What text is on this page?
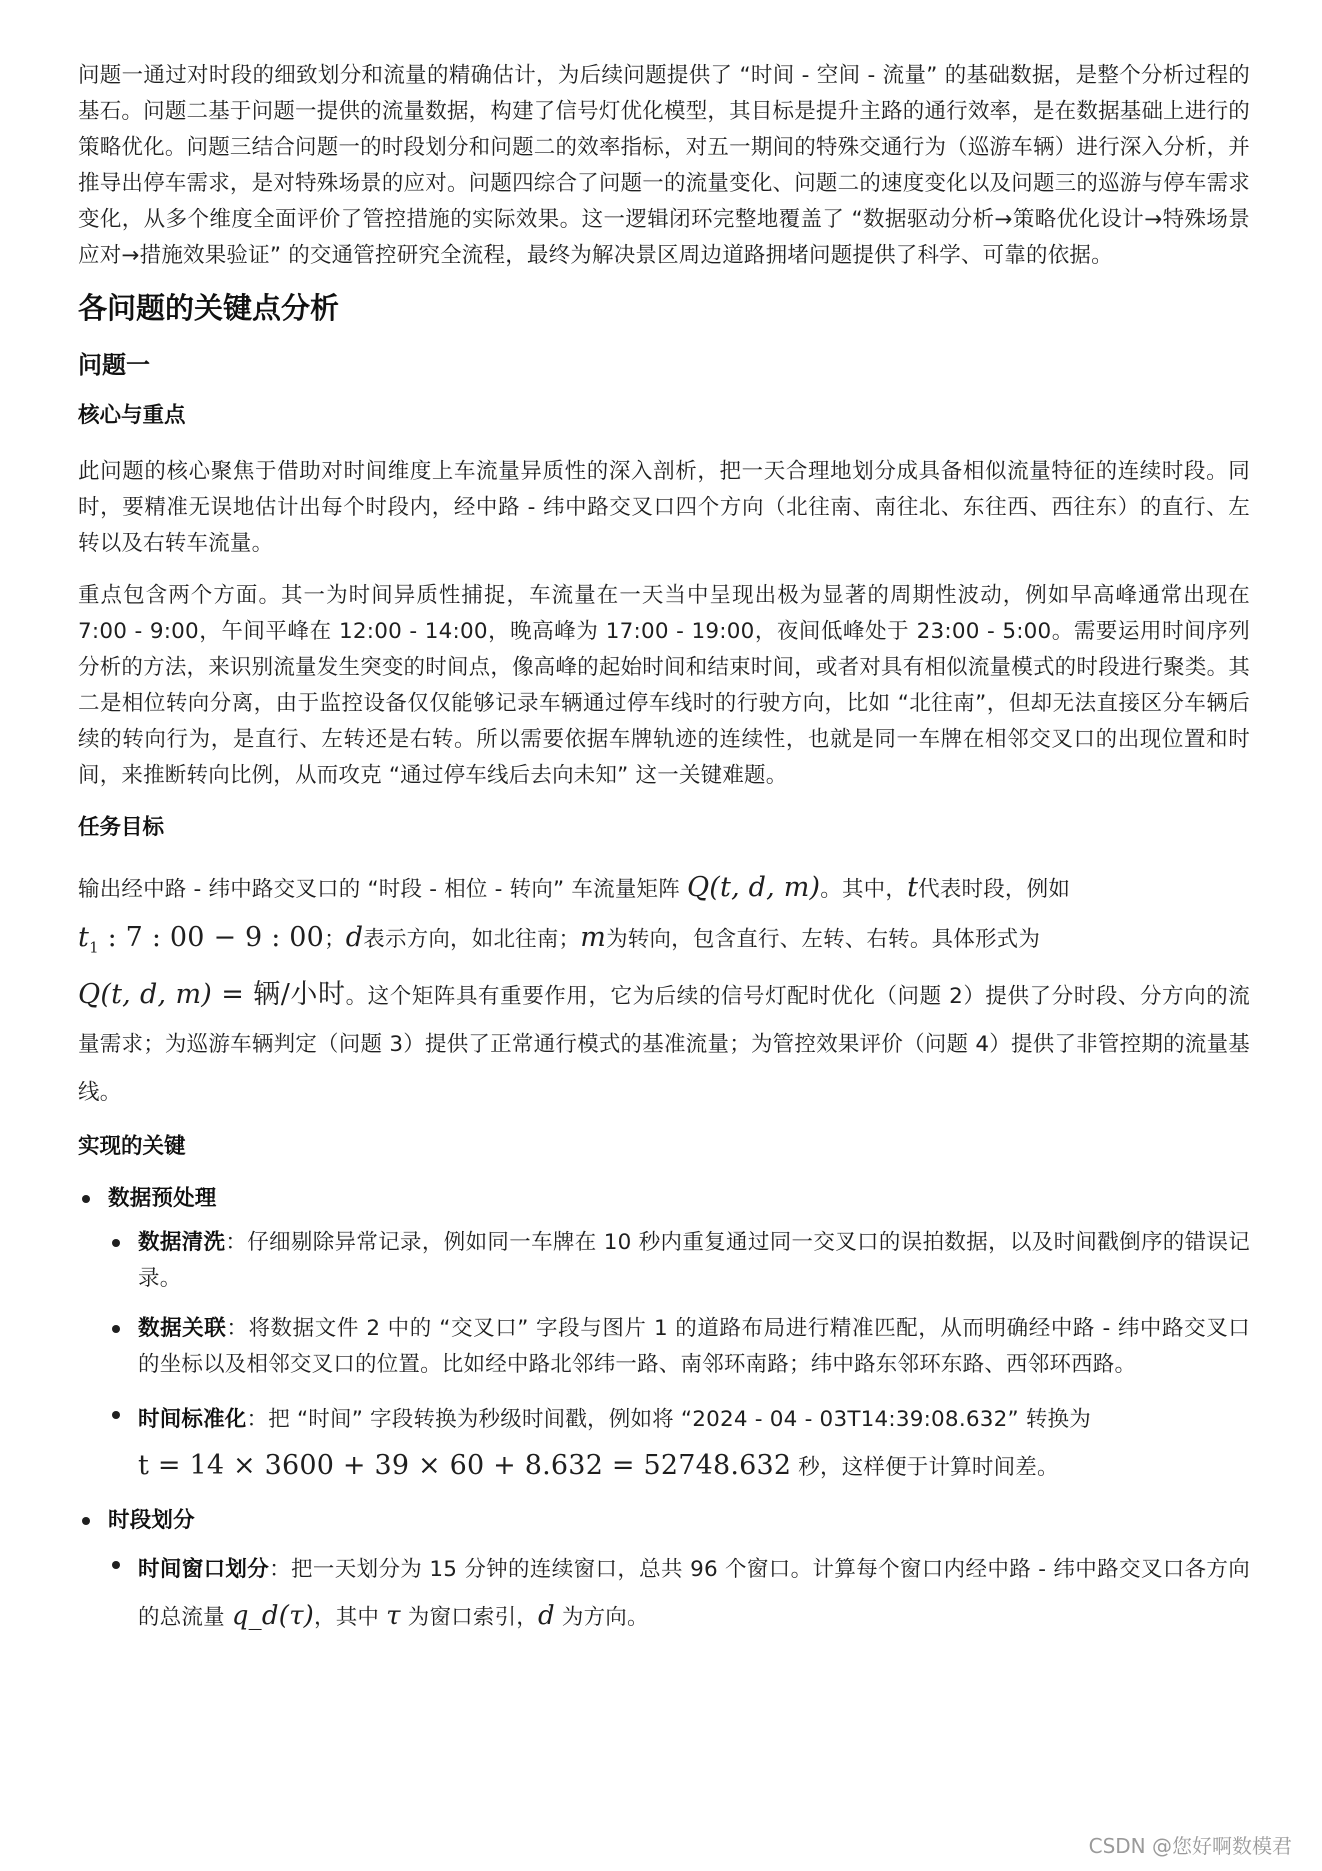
问题一通过对时段的细致划分和流量的精确估计，为后续问题提供了 “时间 - 空间 - 流量” 的基础数据，是整个分析过程的基石。问题二基于问题一提供的流量数据，构建了信号灯优化模型，其目标是提升主路的通行效率，是在数据基础上进行的策略优化。问题三结合问题一的时段划分和问题二的效率指标，对五一期间的特殊交通行为（巡游车辆）进行深入分析，并推导出停车需求，是对特殊场景的应对。问题四综合了问题一的流量变化、问题二的速度变化以及问题三的巡游与停车需求变化，从多个维度全面评价了管控措施的实际效果。这一逻辑闭环完整地覆盖了 “数据驱动分析→策略优化设计→特殊场景应对→措施效果验证” 的交通管控研究全流程，最终为解决景区周边道路拥堵问题提供了科学、可靠的依据。

各问题的关键点分析
问题一
核心与重点

此问题的核心聚焦于借助对时间维度上车流量异质性的深入剖析，把一天合理地划分成具备相似流量特征的连续时段。同时，要精准无误地估计出每个时段内，经中路 - 纬中路交叉口四个方向（北往南、南往北、东往西、西往东）的直行、左转以及右转车流量。

重点包含两个方面。其一为时间异质性捕捉，车流量在一天当中呈现出极为显著的周期性波动，例如早高峰通常出现在 7:00 - 9:00，午间平峰在 12:00 - 14:00，晚高峰为 17:00 - 19:00，夜间低峰处于 23:00 - 5:00。需要运用时间序列分析的方法，来识别流量发生突变的时间点，像高峰的起始时间和结束时间，或者对具有相似流量模式的时段进行聚类。其二是相位转向分离，由于监控设备仅仅能够记录车辆通过停车线时的行驶方向，比如 “北往南”，但却无法直接区分车辆后续的转向行为，是直行、左转还是右转。所以需要依据车牌轨迹的连续性，也就是同一车牌在相邻交叉口的出现位置和时间，来推断转向比例，从而攻克 “通过停车线后去向未知” 这一关键难题。

任务目标

输出经中路 - 纬中路交叉口的 “时段 - 相位 - 转向” 车流量矩阵 Q(t, d, m)。其中，t代表时段，例如
$t_1$ : 7 : 00 − 9 : 00；d表示方向，如北往南；m为转向，包含直行、左转、右转。具体形式为
Q(t, d, m) = 辆/小时。这个矩阵具有重要作用，它为后续的信号灯配时优化（问题 2）提供了分时段、分方向的流量需求；为巡游车辆判定（问题 3）提供了正常通行模式的基准流量；为管控效果评价（问题 4）提供了非管控期的流量基线。

实现的关键

数据预处理

数据清洗：仔细剔除异常记录，例如同一车牌在 10 秒内重复通过同一交叉口的误拍数据，以及时间戳倒序的错误记录。

数据关联：将数据文件 2 中的 “交叉口” 字段与图片 1 的道路布局进行精准匹配，从而明确经中路 - 纬中路交叉口的坐标以及相邻交叉口的位置。比如经中路北邻纬一路、南邻环南路；纬中路东邻环东路、西邻环西路。

时间标准化：把 “时间” 字段转换为秒级时间戳，例如将 “2024 - 04 - 03T14:39:08.632” 转换为
t = 14 × 3600 + 39 × 60 + 8.632 = 52748.632 秒，这样便于计算时间差。

时段划分

时间窗口划分：把一天划分为 15 分钟的连续窗口，总共 96 个窗口。计算每个窗口内经中路 - 纬中路交叉口各方向的总流量 q_d(τ)，其中 τ 为窗口索引，d 为方向。

CSDN @您好啊数模君
